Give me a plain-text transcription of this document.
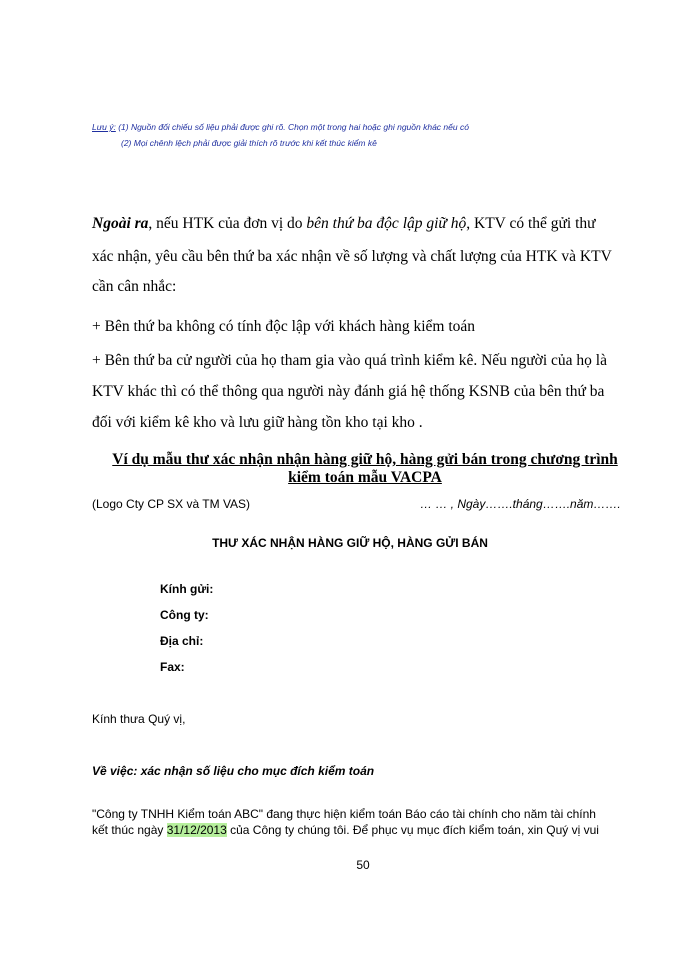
Lưu ý: (1) Nguồn đối chiếu số liệu phải được ghi rõ. Chọn một trong hai hoặc ghi nguồn khác nếu có
(2) Mọi chênh lệch phải được giải thích rõ trước khi kết thúc kiểm kê
Ngoài ra, nếu HTK của đơn vị do bên thứ ba độc lập giữ hộ, KTV có thể gửi thư
xác nhận, yêu cầu bên thứ ba xác nhận về số lượng và chất lượng của HTK và KTV
cần cân nhắc:
+ Bên thứ ba không có tính độc lập với khách hàng kiểm toán
+ Bên thứ ba cử người của họ tham gia vào quá trình kiểm kê. Nếu người của họ là
KTV khác thì có thể thông qua người này đánh giá hệ thống KSNB của bên thứ ba
đối với kiểm kê kho và lưu giữ hàng tồn kho tại kho .
Ví dụ mẫu thư xác nhận nhận hàng giữ hộ, hàng gửi bán trong chương trình
kiểm toán mẫu VACPA
(Logo Cty CP SX và TM VAS)	… … , Ngày…….tháng…….năm…….
THƯ XÁC NHẬN HÀNG GIỮ HỘ, HÀNG GỬI BÁN
Kính gửi:
Công ty:
Địa chỉ:
Fax:
Kính thưa Quý vị,
Về việc: xác nhận số liệu cho mục đích kiểm toán
"Công ty TNHH Kiểm toán ABC" đang thực hiện kiểm toán Báo cáo tài chính cho năm tài chính
kết thúc ngày 31/12/2013 của Công ty chúng tôi. Để phục vụ mục đích kiểm toán, xin Quý vị vui
50
